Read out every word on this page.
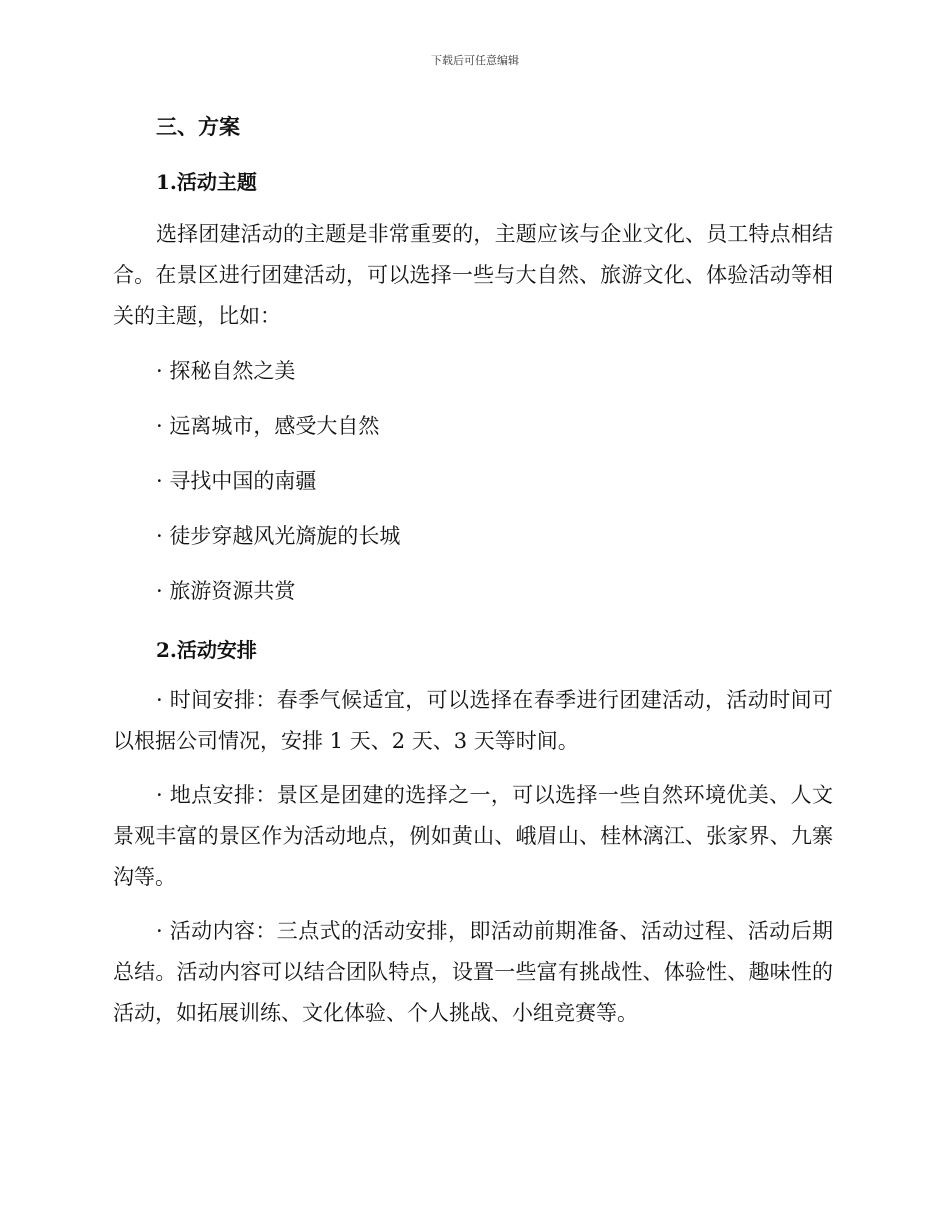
下载后可任意编辑
三、方案
1.活动主题
选择团建活动的主题是非常重要的，主题应该与企业文化、员工特点相结合。在景区进行团建活动，可以选择一些与大自然、旅游文化、体验活动等相关的主题，比如：
· 探秘自然之美
· 远离城市，感受大自然
· 寻找中国的南疆
· 徒步穿越风光旖旎的长城
· 旅游资源共赏
2.活动安排
· 时间安排：春季气候适宜，可以选择在春季进行团建活动，活动时间可以根据公司情况，安排 1 天、2 天、3 天等时间。
· 地点安排：景区是团建的选择之一，可以选择一些自然环境优美、人文景观丰富的景区作为活动地点，例如黄山、峨眉山、桂林漓江、张家界、九寨沟等。
· 活动内容：三点式的活动安排，即活动前期准备、活动过程、活动后期总结。活动内容可以结合团队特点，设置一些富有挑战性、体验性、趣味性的活动，如拓展训练、文化体验、个人挑战、小组竞赛等。
